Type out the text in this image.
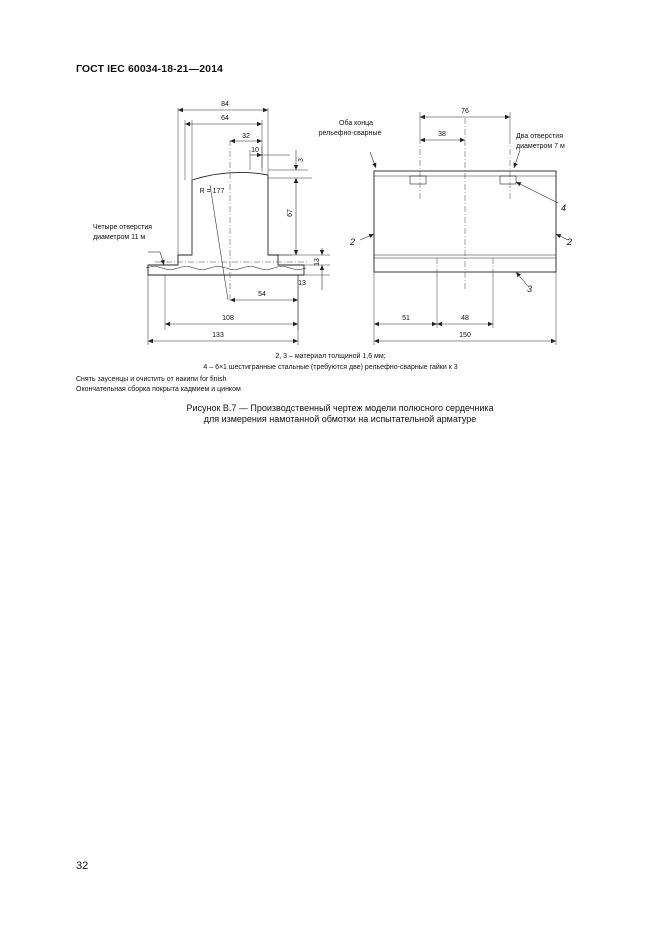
ГОСТ IEC 60034-18-21—2014
84
64
32
10
3
67
13
13
54
108
133
R = 177
Четыре отверстия
диаметром 11 м
76
38
51	48
150
Оба конца
рельефно-сварные	Два отверстия
диаметром 7 м
2	2
3
4
2, 3 – материал толщиной 1,6 мм;
4 – 6×1 шестигранные стальные (требуются две) рельефно-сварные гайки к 3
Снять заусенцы и очистить от накипи for finish
Окончательная сборка покрыта кадмием и цинком
Рисунок В.7 — Производственный чертеж модели полюсного сердечника
для измерения намотанной обмотки на испытательной арматуре
32
